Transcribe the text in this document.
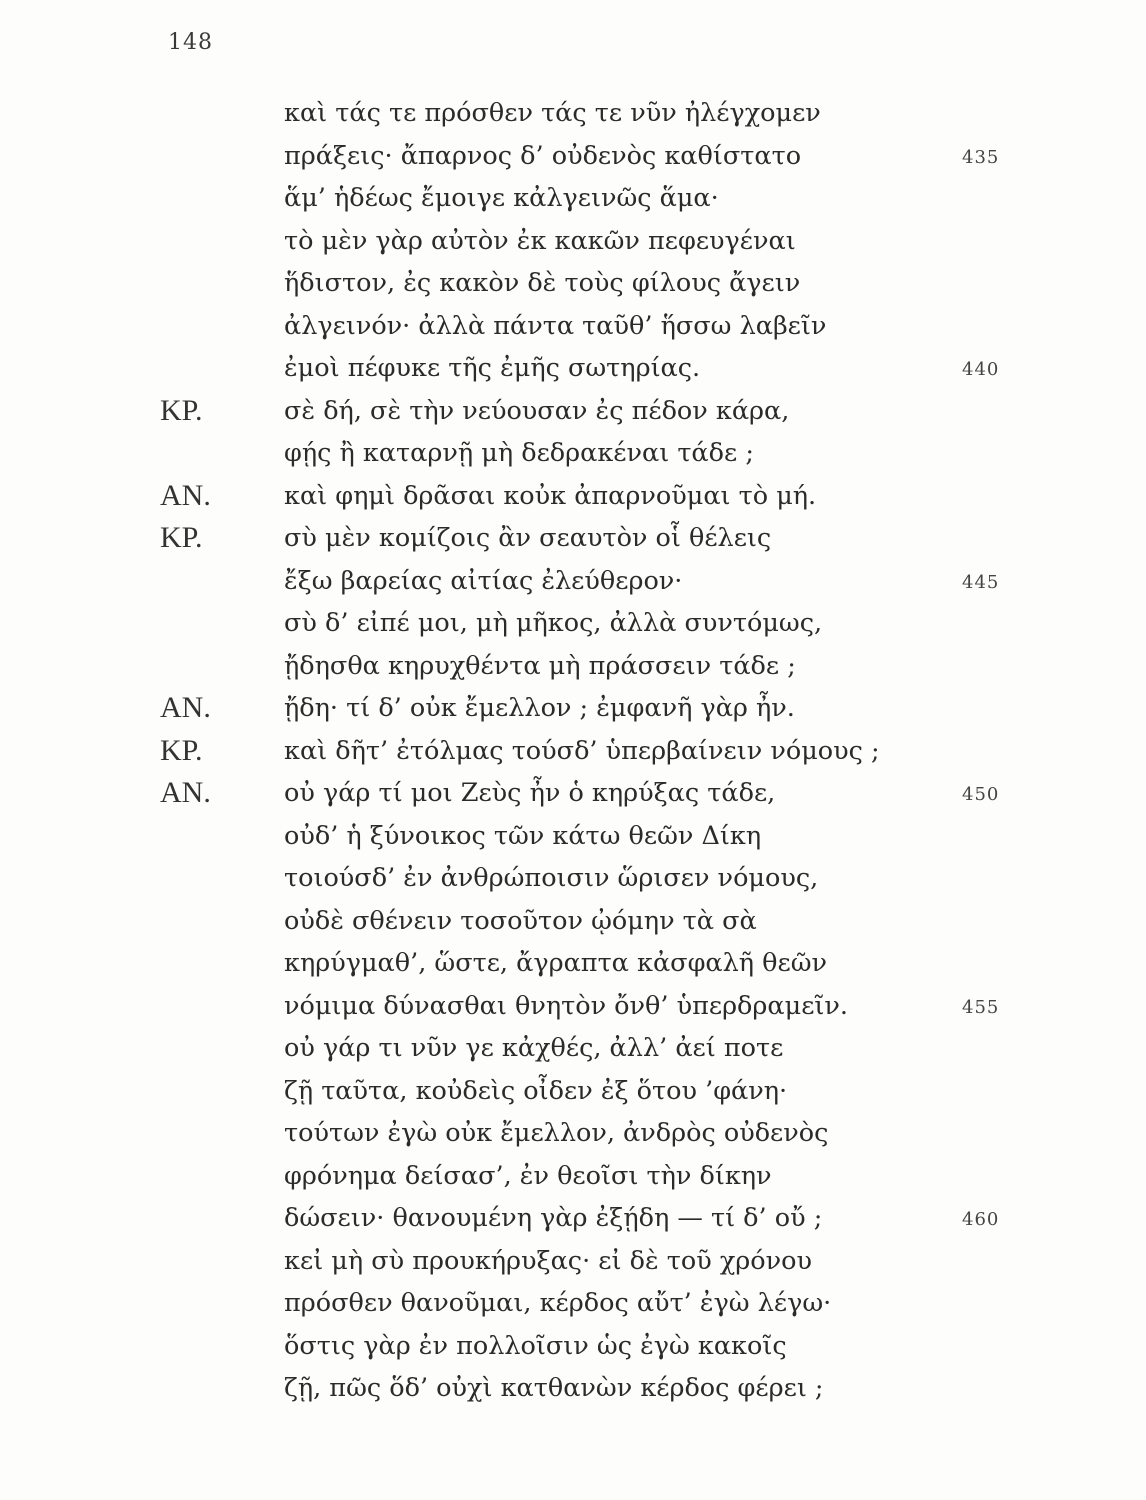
148
καὶ τάς τε πρόσθεν τάς τε νῦν ἠλέγχομεν
πράξεις· ἄπαρνος δ’ οὐδενὸς καθίστατο	435
ἅμ’ ἡδέως ἔμοιγε κἀλγεινῶς ἅμα·
τὸ μὲν γὰρ αὐτὸν ἐκ κακῶν πεφευγέναι
ἥδιστον, ἐς κακὸν δὲ τοὺς φίλους ἄγειν
ἀλγεινόν· ἀλλὰ πάντα ταῦθ’ ἥσσω λαβεῖν
ἐμοὶ πέφυκε τῆς ἐμῆς σωτηρίας.	440
ΚΡ.	σὲ δή, σὲ τὴν νεύουσαν ἐς πέδον κάρα,
φῄς ἢ καταρνῇ μὴ δεδρακέναι τάδε ;
ΑΝ.	καὶ φημὶ δρᾶσαι κοὐκ ἀπαρνοῦμαι τὸ μή.
ΚΡ.	σὺ μὲν κομίζοις ἂν σεαυτὸν οἷ θέλεις
ἔξω βαρείας αἰτίας ἐλεύθερον·	445
σὺ δ’ εἰπέ μοι, μὴ μῆκος, ἀλλὰ συντόμως,
ᾔδησθα κηρυχθέντα μὴ πράσσειν τάδε ;
ΑΝ.	ᾔδη· τί δ’ οὐκ ἔμελλον ; ἐμφανῆ γὰρ ἦν.
ΚΡ.	καὶ δῆτ’ ἐτόλμας τούσδ’ ὑπερβαίνειν νόμους ;
ΑΝ.	οὐ γάρ τί μοι Ζεὺς ἦν ὁ κηρύξας τάδε,	450
οὐδ’ ἡ ξύνοικος τῶν κάτω θεῶν Δίκη
τοιούσδ’ ἐν ἀνθρώποισιν ὥρισεν νόμους,
οὐδὲ σθένειν τοσοῦτον ᾠόμην τὰ σὰ
κηρύγμαθ’, ὥστε, ἄγραπτα κἀσφαλῆ θεῶν
νόμιμα δύνασθαι θνητὸν ὄνθ’ ὑπερδραμεῖν.	455
οὐ γάρ τι νῦν γε κἀχθές, ἀλλ’ ἀεί ποτε
ζῇ ταῦτα, κοὐδεὶς οἶδεν ἐξ ὅτου ’φάνη·
τούτων ἐγὼ οὐκ ἔμελλον, ἀνδρὸς οὐδενὸς
φρόνημα δείσασ’, ἐν θεοῖσι τὴν δίκην
δώσειν· θανουμένη γὰρ ἐξῄδη — τί δ’ οὔ ;	460
κεἰ μὴ σὺ προυκήρυξας· εἰ δὲ τοῦ χρόνου
πρόσθεν θανοῦμαι, κέρδος αὔτ’ ἐγὼ λέγω·
ὅστις γὰρ ἐν πολλοῖσιν ὡς ἐγὼ κακοῖς
ζῇ, πῶς ὅδ’ οὐχὶ κατθανὼν κέρδος φέρει ;
